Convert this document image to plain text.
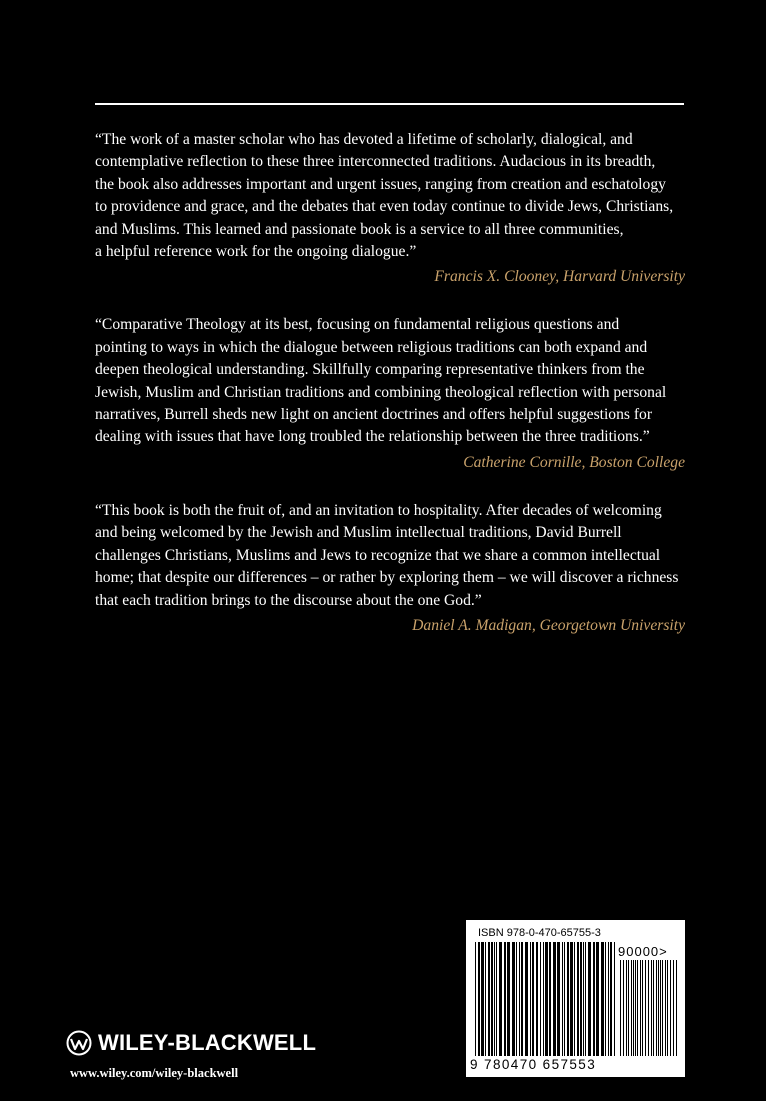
“The work of a master scholar who has devoted a lifetime of scholarly, dialogical, and
contemplative reflection to these three interconnected traditions. Audacious in its breadth,
the book also addresses important and urgent issues, ranging from creation and eschatology
to providence and grace, and the debates that even today continue to divide Jews, Christians,
and Muslims. This learned and passionate book is a service to all three communities,
a helpful reference work for the ongoing dialogue.”

Francis X. Clooney, Harvard University

“Comparative Theology at its best, focusing on fundamental religious questions and
pointing to ways in which the dialogue between religious traditions can both expand and
deepen theological understanding. Skillfully comparing representative thinkers from the
Jewish, Muslim and Christian traditions and combining theological reflection with personal
narratives, Burrell sheds new light on ancient doctrines and offers helpful suggestions for
dealing with issues that have long troubled the relationship between the three traditions.”

Catherine Cornille, Boston College

“This book is both the fruit of, and an invitation to hospitality. After decades of welcoming
and being welcomed by the Jewish and Muslim intellectual traditions, David Burrell
challenges Christians, Muslims and Jews to recognize that we share a common intellectual
home; that despite our differences – or rather by exploring them – we will discover a richness
that each tradition brings to the discourse about the one God.”

Daniel A. Madigan, Georgetown University
WILEY-BLACKWELL
www.wiley.com/wiley-blackwell
ISBN 978-0-470-65755-3
90000>
9 780470 657553
